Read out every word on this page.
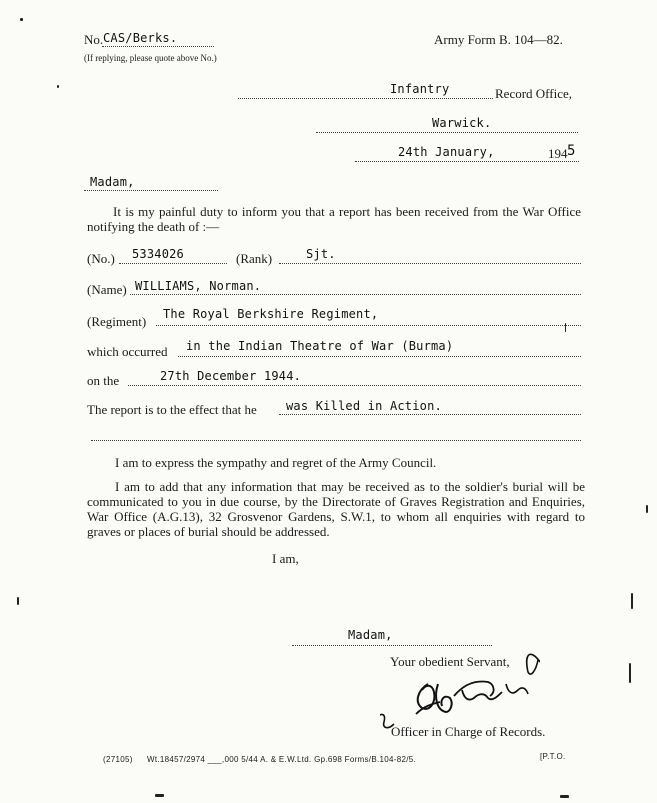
No. CAS/Berks.
(If replying, please quote above No.)
Army Form B. 104—82.
Infantry	Record Office,
Warwick.
24th January,	194 5
Madam,
It is my painful duty to inform you that a report has been received from the War Office notifying the death of :—
(No.) 5334026	(Rank)	Sjt.
(Name) WILLIAMS, Norman.
(Regiment) The Royal Berkshire Regiment,
which occurred in the Indian Theatre of War (Burma)
on the	27th December 1944.
The report is to the effect that he was Killed in Action.
I am to express the sympathy and regret of the Army Council.
I am to add that any information that may be received as to the soldier's burial will be communicated to you in due course, by the Directorate of Graves Registration and Enquiries, War Office (A.G.13), 32 Grosvenor Gardens, S.W.1, to whom all enquiries with regard to graves or places of burial should be addressed.
I am,
Madam,
Your obedient Servant,
Officer in Charge of Records.
(27105) Wt.18457/2974 ___,000 5/44 A. & E.W.Ltd. Gp.698 Forms/B.104-82/5.	[P.T.O.
